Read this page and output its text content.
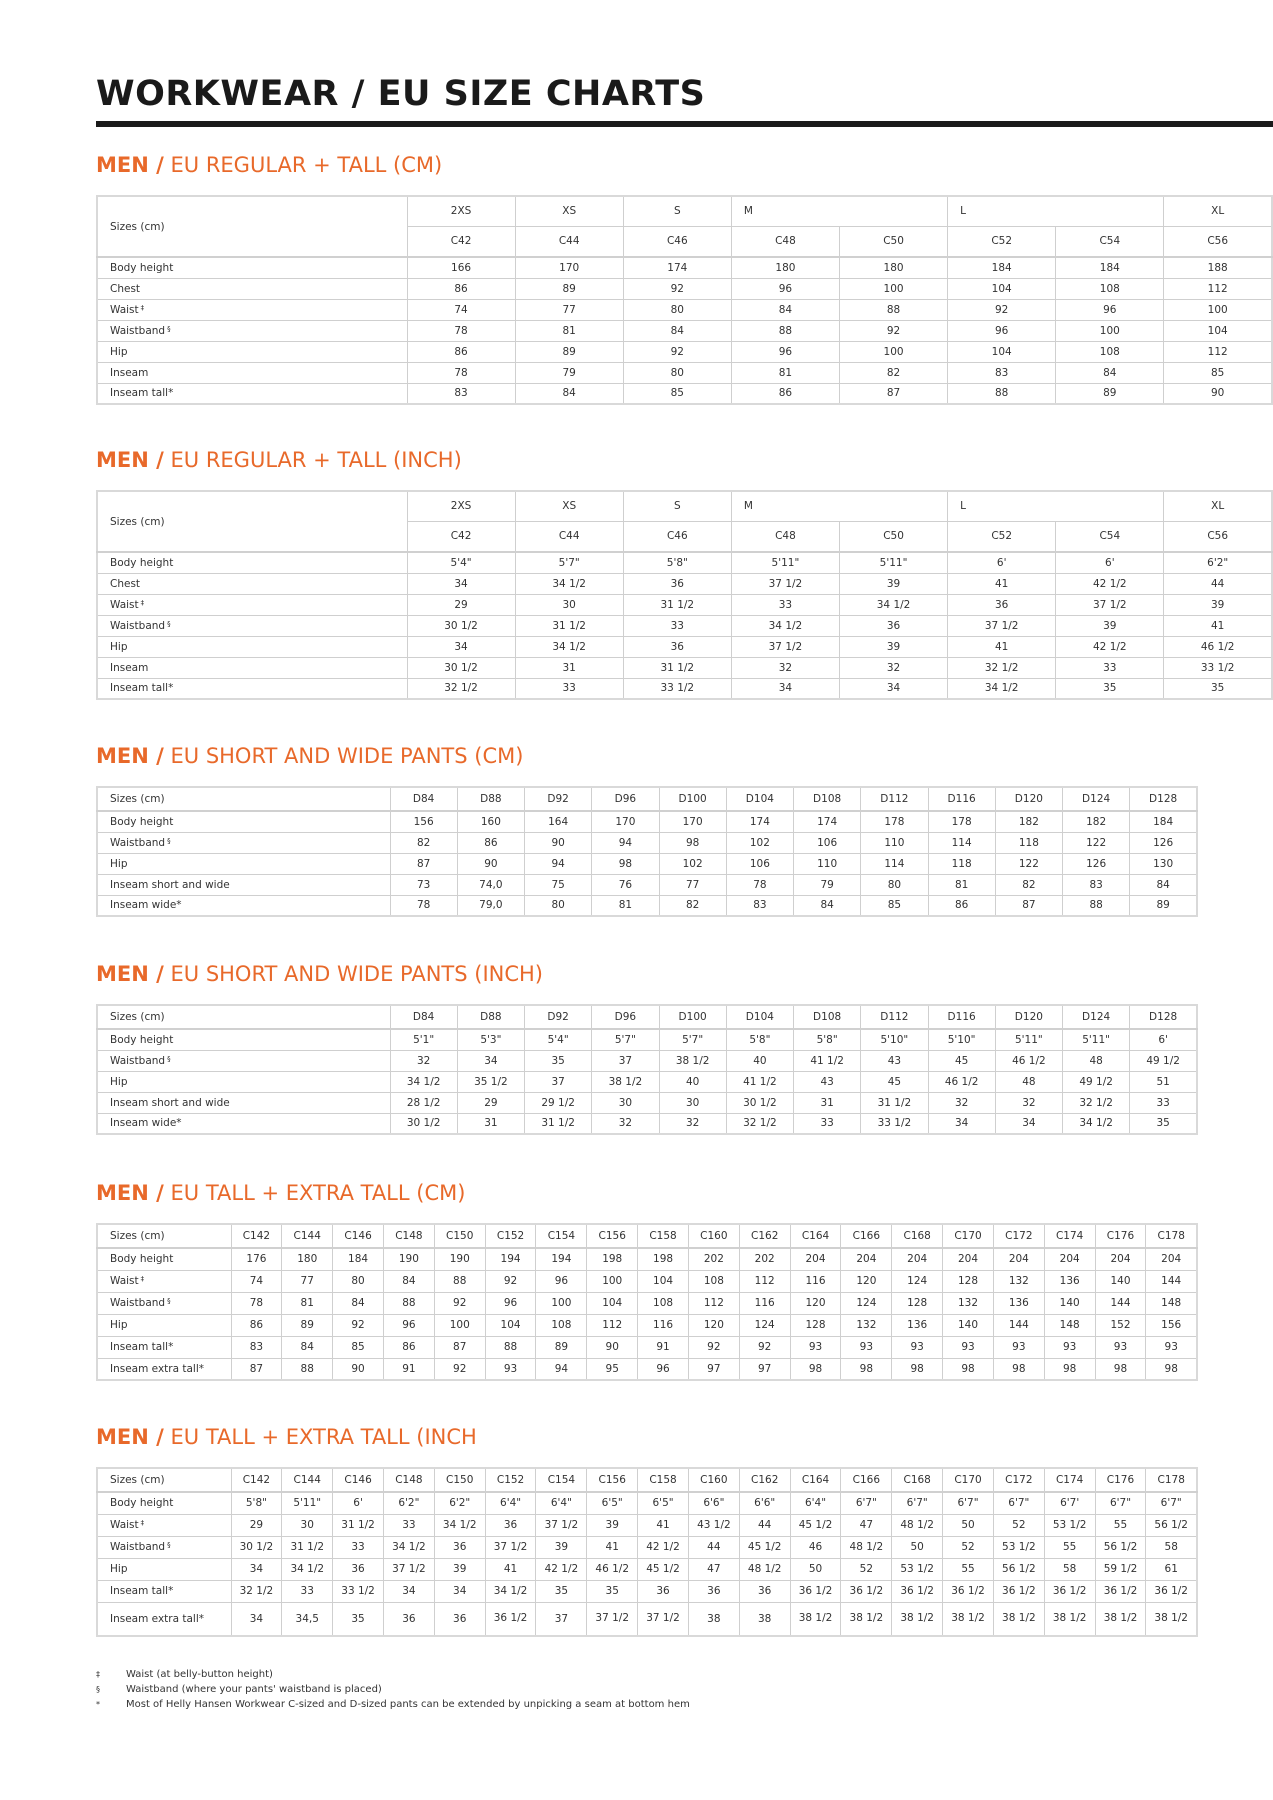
WORKWEAR / EU SIZE CHARTS
MEN / EU REGULAR + TALL (CM)
Sizes (cm)	2XS	XS	S	M		L		XL
	C42	C44	C46	C48	C50	C52	C54	C56
Body height	166	170	174	180	180	184	184	188
Chest	86	89	92	96	100	104	108	112
Waist ‡	74	77	80	84	88	92	96	100
Waistband §	78	81	84	88	92	96	100	104
Hip	86	89	92	96	100	104	108	112
Inseam	78	79	80	81	82	83	84	85
Inseam tall*	83	84	85	86	87	88	89	90
MEN / EU REGULAR + TALL (INCH)
Sizes (cm)	2XS	XS	S	M		L		XL
	C42	C44	C46	C48	C50	C52	C54	C56
Body height	5'4"	5'7"	5'8"	5'11"	5'11"	6'	6'	6'2"
Chest	34	34 1/2	36	37 1/2	39	41	42 1/2	44
Waist ‡	29	30	31 1/2	33	34 1/2	36	37 1/2	39
Waistband §	30 1/2	31 1/2	33	34 1/2	36	37 1/2	39	41
Hip	34	34 1/2	36	37 1/2	39	41	42 1/2	46 1/2
Inseam	30 1/2	31	31 1/2	32	32	32 1/2	33	33 1/2
Inseam tall*	32 1/2	33	33 1/2	34	34	34 1/2	35	35
MEN / EU SHORT AND WIDE PANTS (CM)
Sizes (cm)	D84	D88	D92	D96	D100	D104	D108	D112	D116	D120	D124	D128
Body height	156	160	164	170	170	174	174	178	178	182	182	184
Waistband §	82	86	90	94	98	102	106	110	114	118	122	126
Hip	87	90	94	98	102	106	110	114	118	122	126	130
Inseam short and wide	73	74,0	75	76	77	78	79	80	81	82	83	84
Inseam wide*	78	79,0	80	81	82	83	84	85	86	87	88	89
MEN / EU SHORT AND WIDE PANTS (INCH)
Sizes (cm)	D84	D88	D92	D96	D100	D104	D108	D112	D116	D120	D124	D128
Body height	5'1"	5'3"	5'4"	5'7"	5'7"	5'8"	5'8"	5'10"	5'10"	5'11"	5'11"	6'
Waistband §	32	34	35	37	38 1/2	40	41 1/2	43	45	46 1/2	48	49 1/2
Hip	34 1/2	35 1/2	37	38 1/2	40	41 1/2	43	45	46 1/2	48	49 1/2	51
Inseam short and wide	28 1/2	29	29 1/2	30	30	30 1/2	31	31 1/2	32	32	32 1/2	33
Inseam wide*	30 1/2	31	31 1/2	32	32	32 1/2	33	33 1/2	34	34	34 1/2	35
MEN / EU TALL + EXTRA TALL (CM)
Sizes (cm)	C142	C144	C146	C148	C150	C152	C154	C156	C158	C160	C162	C164	C166	C168	C170	C172	C174	C176	C178
Body height	176	180	184	190	190	194	194	198	198	202	202	204	204	204	204	204	204	204	204
Waist ‡	74	77	80	84	88	92	96	100	104	108	112	116	120	124	128	132	136	140	144
Waistband §	78	81	84	88	92	96	100	104	108	112	116	120	124	128	132	136	140	144	148
Hip	86	89	92	96	100	104	108	112	116	120	124	128	132	136	140	144	148	152	156
Inseam tall*	83	84	85	86	87	88	89	90	91	92	92	93	93	93	93	93	93	93	93
Inseam extra tall*	87	88	90	91	92	93	94	95	96	97	97	98	98	98	98	98	98	98	98
MEN / EU TALL + EXTRA TALL (INCH
Sizes (cm)	C142	C144	C146	C148	C150	C152	C154	C156	C158	C160	C162	C164	C166	C168	C170	C172	C174	C176	C178
Body height	5'8"	5'11"	6'	6'2"	6'2"	6'4"	6'4"	6'5"	6'5"	6'6"	6'6"	6'4"	6'7"	6'7"	6'7"	6'7"	6'7'	6'7"	6'7"
Waist ‡	29	30	31 1/2	33	34 1/2	36	37 1/2	39	41	43 1/2	44	45 1/2	47	48 1/2	50	52	53 1/2	55	56 1/2
Waistband §	30 1/2	31 1/2	33	34 1/2	36	37 1/2	39	41	42 1/2	44	45 1/2	46	48 1/2	50	52	53 1/2	55	56 1/2	58
Hip	34	34 1/2	36	37 1/2	39	41	42 1/2	46 1/2	45 1/2	47	48 1/2	50	52	53 1/2	55	56 1/2	58	59 1/2	61
Inseam tall*	32 1/2	33	33 1/2	34	34	34 1/2	35	35	36	36	36	36 1/2	36 1/2	36 1/2	36 1/2	36 1/2	36 1/2	36 1/2	36 1/2
Inseam extra tall*	34	34,5	35	36	36	36 1/2	37	37 1/2	37 1/2	38	38	38 1/2	38 1/2	38 1/2	38 1/2	38 1/2	38 1/2	38 1/2	38 1/2
‡	Waist (at belly-button height)
§	Waistband (where your pants' waistband is placed)
*	Most of Helly Hansen Workwear C-sized and D-sized pants can be extended by unpicking a seam at bottom hem
